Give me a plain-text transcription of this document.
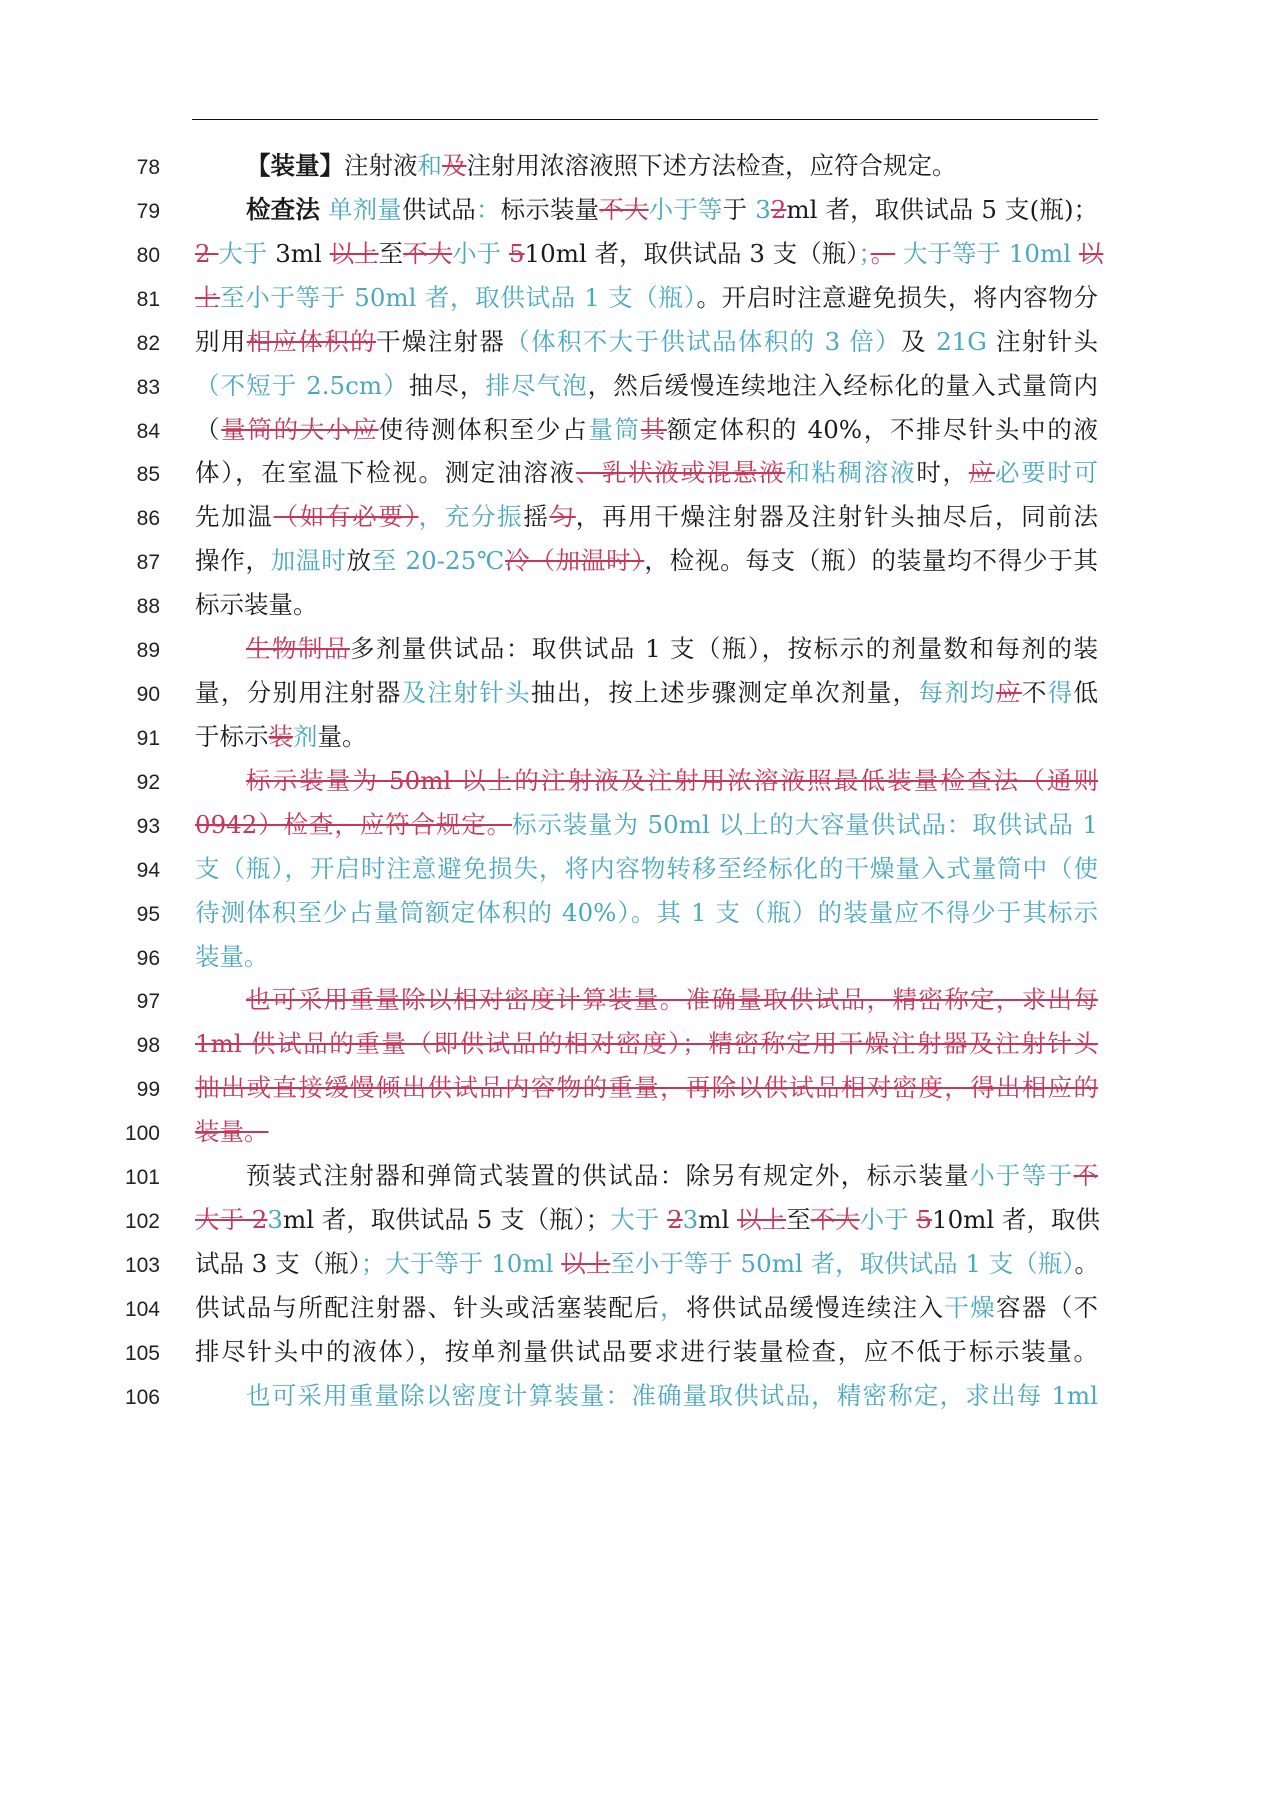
78	【装量】注射液和及注射用浓溶液照下述方法检查，应符合规定。
79	检查法 单剂量供试品：标示装量不大小于等于 32ml 者，取供试品 5 支(瓶)；
80 2 大于 3ml 以上至不大小于 510ml 者，取供试品 3 支（瓶）；。 大于等于 10ml 以
81 上至小于等于 50ml 者，取供试品 1 支（瓶）。开启时注意避免损失，将内容物分
82 别用相应体积的干燥注射器（体积不大于供试品体积的 3 倍）及 21G 注射针头
83 （不短于 2.5cm）抽尽，排尽气泡，然后缓慢连续地注入经标化的量入式量筒内
84 （量筒的大小应使待测体积至少占量筒其额定体积的 40%，不排尽针头中的液
85 体），在室温下检视。测定油溶液、乳状液或混悬液和粘稠溶液时，应必要时可
86 先加温（如有必要），充分振摇匀，再用干燥注射器及注射针头抽尽后，同前法
87 操作，加温时放至 20-25℃冷（加温时），检视。每支（瓶）的装量均不得少于其
88 标示装量。
89	生物制品多剂量供试品：取供试品 1 支（瓶），按标示的剂量数和每剂的装
90 量，分别用注射器及注射针头抽出，按上述步骤测定单次剂量，每剂均应不得低
91 于标示装剂量。
92	标示装量为 50ml 以上的注射液及注射用浓溶液照最低装量检查法（通则
93 0942）检查，应符合规定。标示装量为 50ml 以上的大容量供试品：取供试品 1
94 支（瓶），开启时注意避免损失，将内容物转移至经标化的干燥量入式量筒中（使
95 待测体积至少占量筒额定体积的 40%）。其 1 支（瓶）的装量应不得少于其标示
96 装量。
97	也可采用重量除以相对密度计算装量。准确量取供试品，精密称定，求出每
98 1ml 供试品的重量（即供试品的相对密度）；精密称定用干燥注射器及注射针头
99 抽出或直接缓慢倾出供试品内容物的重量，再除以供试品相对密度，得出相应的
100 装量。
101	预装式注射器和弹筒式装置的供试品：除另有规定外，标示装量小于等于不
102 大于 23ml 者，取供试品 5 支（瓶）；大于 23ml 以上至不大小于 510ml 者，取供
103 试品 3 支（瓶）；大于等于 10ml 以上至小于等于 50ml 者，取供试品 1 支（瓶）。
104 供试品与所配注射器、针头或活塞装配后，将供试品缓慢连续注入干燥容器（不
105 排尽针头中的液体），按单剂量供试品要求进行装量检查，应不低于标示装量。
106	也可采用重量除以密度计算装量：准确量取供试品，精密称定，求出每 1ml
